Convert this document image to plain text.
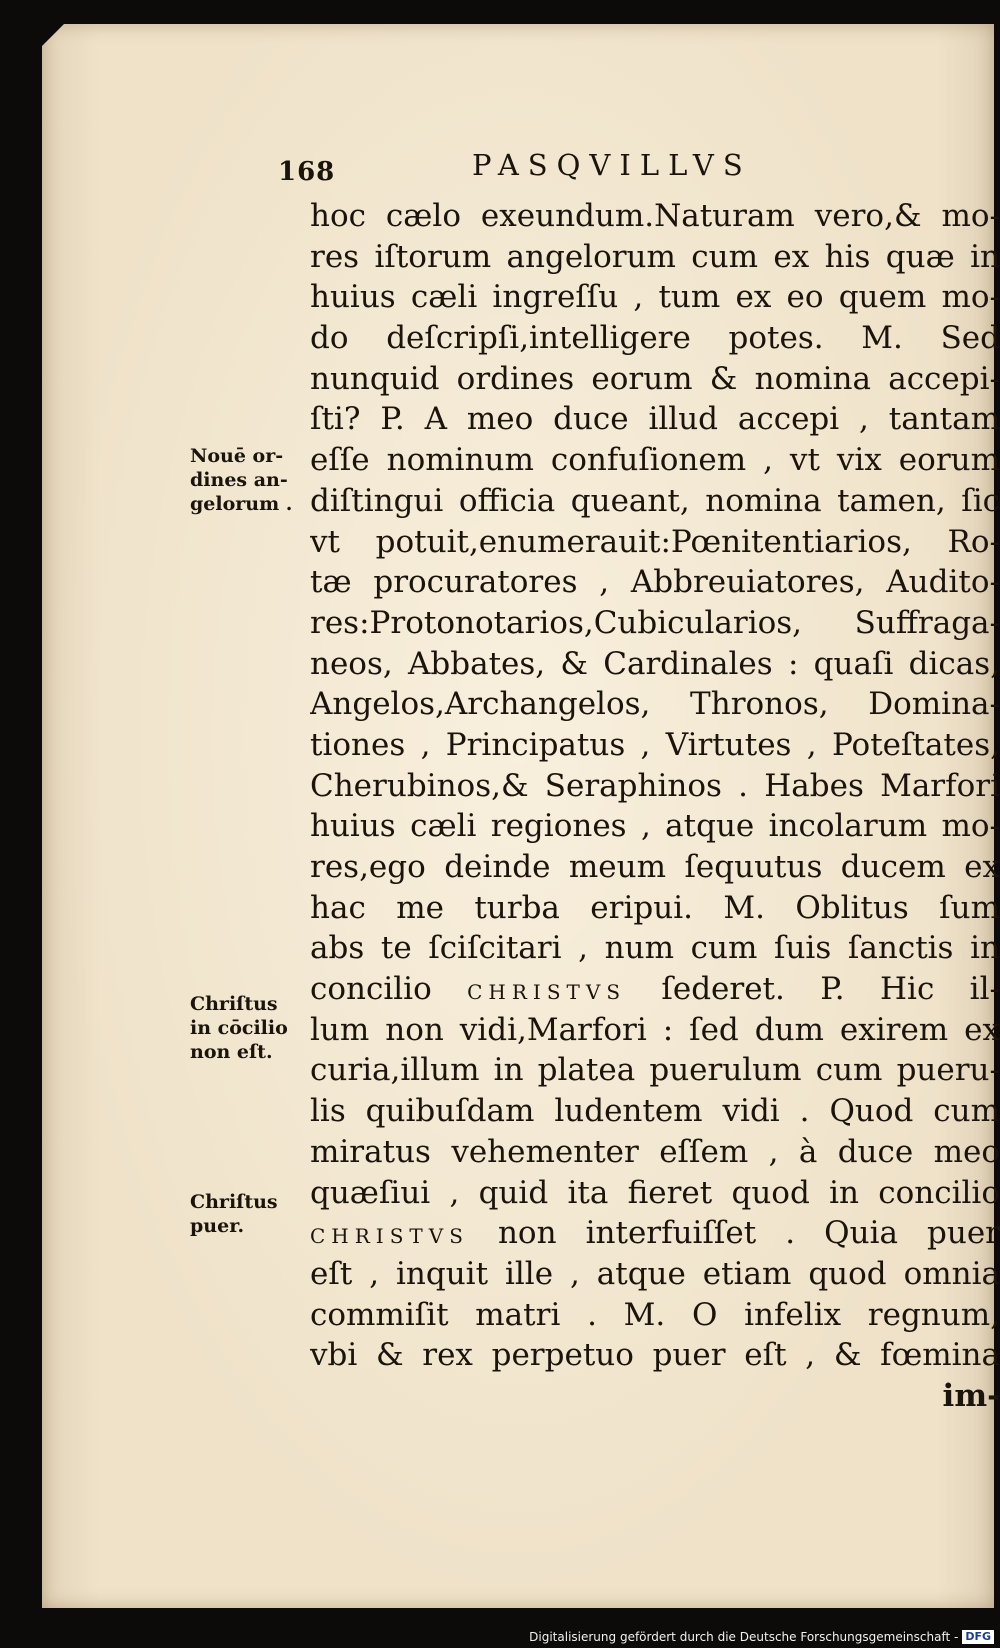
168	PASQVILLVS
Nouē or-
dines an-
gelorum .
Chriſtus
in cōcilio
non eſt.
Chriſtus
puer.
hoc cælo exeundum.Naturam vero,& mo-
res iſtorum angelorum cum ex his quæ in
huius cæli ingreſſu , tum ex eo quem mo-
do deſcripſi,intelligere potes. M. Sed
nunquid ordines eorum & nomina accepi-
ſti? P. A meo duce illud accepi , tantam
eſſe nominum confuſionem , vt vix eorum
diſtingui officia queant, nomina tamen, ſic
vt potuit,enumerauit:Pœnitentiarios, Ro-
tæ procuratores , Abbreuiatores, Audito-
res:Protonotarios,Cubicularios, Suffraga-
neos, Abbates, & Cardinales : quaſi dicas,
Angelos,Archangelos, Thronos, Domina-
tiones , Principatus , Virtutes , Poteſtates,
Cherubinos,& Seraphinos . Habes Marfori
huius cæli regiones , atque incolarum mo-
res,ego deinde meum ſequutus ducem ex
hac me turba eripui. M. Oblitus ſum
abs te ſciſcitari , num cum ſuis ſanctis in
concilio CHRISTVS ſederet. P. Hic il-
lum non vidi,Marfori : ſed dum exirem ex
curia,illum in platea puerulum cum pueru-
lis quibuſdam ludentem vidi . Quod cum
miratus vehementer eſſem , à duce meo
quæſiui , quid ita fieret quod in concilio
CHRISTVS non interfuiſſet . Quia puer
eſt , inquit ille , atque etiam quod omnia
commiſit matri . M. O infelix regnum,
vbi & rex perpetuo puer eſt , & fœmina
im-
Digitalisierung gefördert durch die Deutsche Forschungsgemeinschaft - DFG
